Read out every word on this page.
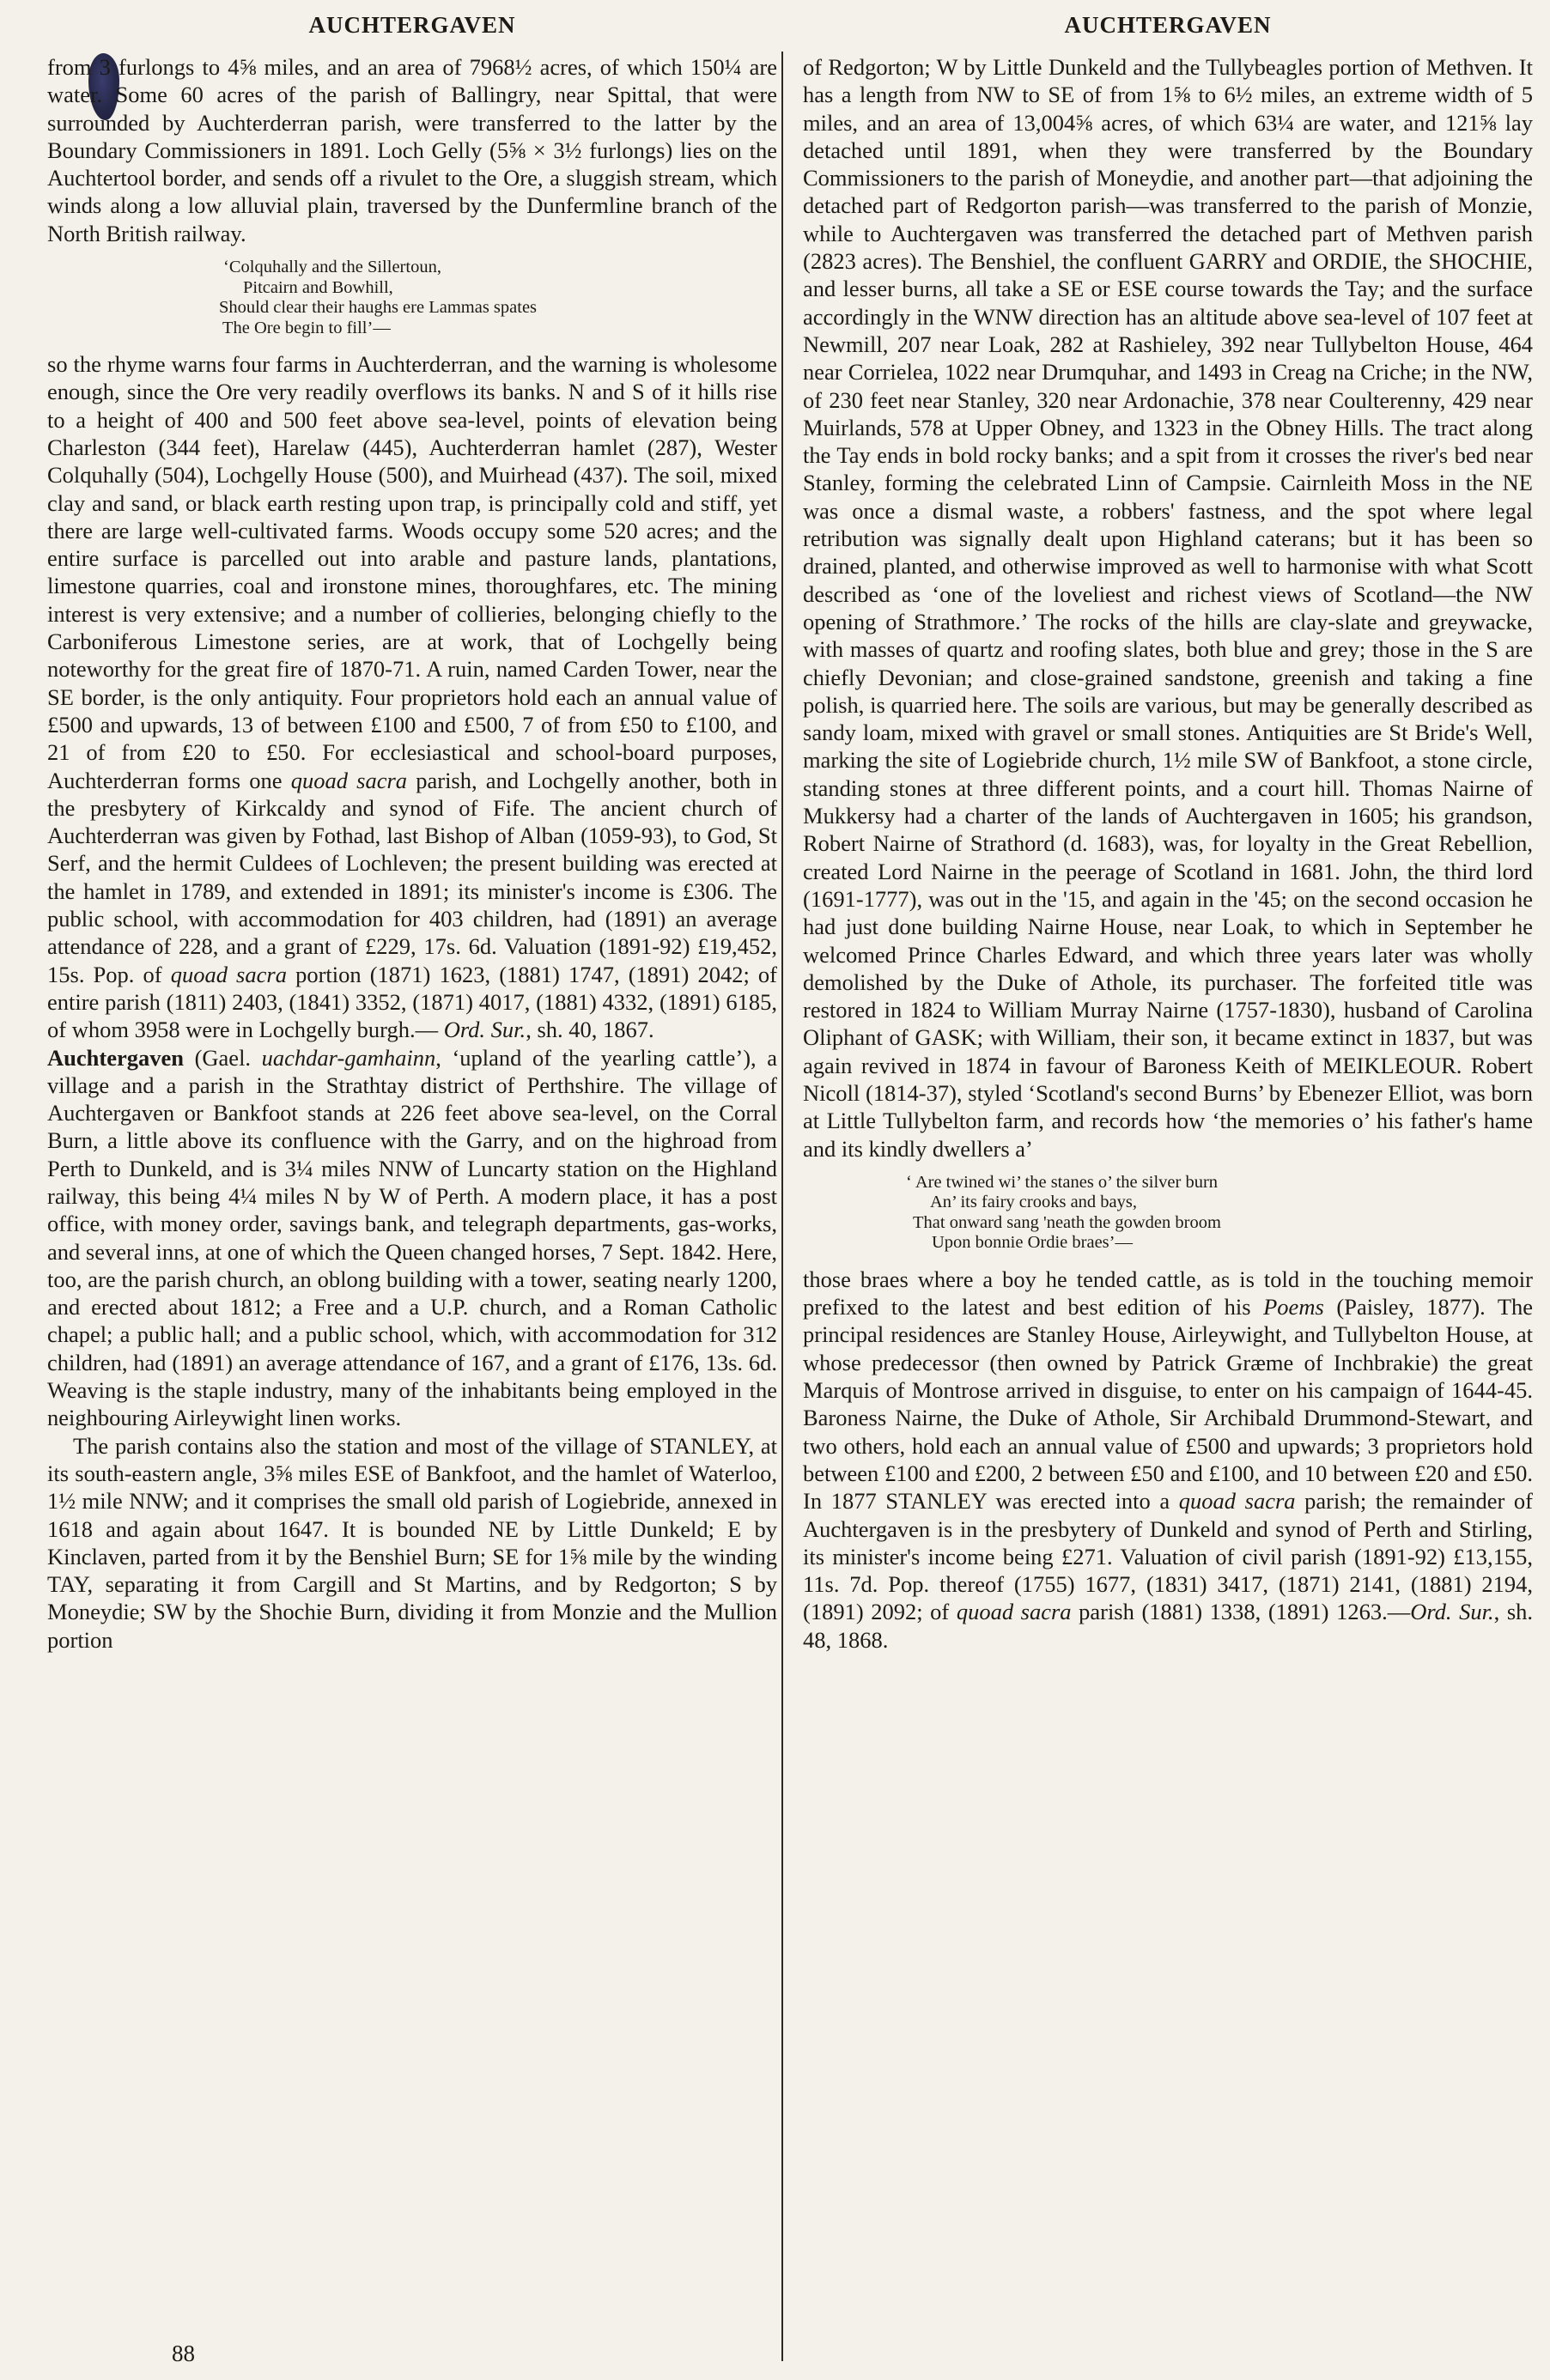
AUCHTERGAVEN	AUCHTERGAVEN

from 3 furlongs to 4⅝ miles, and an area of 7968½ acres, of which 150¼ are water. Some 60 acres of the parish of Ballingry, near Spittal, that were surrounded by Auchterderran parish, were transferred to the latter by the Boundary Commissioners in 1891. Loch Gelly (5⅝ × 3½ furlongs) lies on the Auchtertool border, and sends off a rivulet to the Ore, a sluggish stream, which winds along a low alluvial plain, traversed by the Dunfermline branch of the North British railway.

‘Colquhally and the Sillertoun,
Pitcairn and Bowhill,
Should clear their haughs ere Lammas spates
The Ore begin to fill’—

so the rhyme warns four farms in Auchterderran, and the warning is wholesome enough, since the Ore very readily overflows its banks. N and S of it hills rise to a height of 400 and 500 feet above sea-level, points of elevation being Charleston (344 feet), Harelaw (445), Auchterderran hamlet (287), Wester Colquhally (504), Lochgelly House (500), and Muirhead (437). The soil, mixed clay and sand, or black earth resting upon trap, is principally cold and stiff, yet there are large well-cultivated farms. Woods occupy some 520 acres; and the entire surface is parcelled out into arable and pasture lands, plantations, limestone quarries, coal and ironstone mines, thoroughfares, etc. The mining interest is very extensive; and a number of collieries, belonging chiefly to the Carboniferous Limestone series, are at work, that of Lochgelly being noteworthy for the great fire of 1870-71. A ruin, named Carden Tower, near the SE border, is the only antiquity. Four proprietors hold each an annual value of £500 and upwards, 13 of between £100 and £500, 7 of from £50 to £100, and 21 of from £20 to £50. For ecclesiastical and school-board purposes, Auchterderran forms one quoad sacra parish, and Lochgelly another, both in the presbytery of Kirkcaldy and synod of Fife. The ancient church of Auchterderran was given by Fothad, last Bishop of Alban (1059-93), to God, St Serf, and the hermit Culdees of Lochleven; the present building was erected at the hamlet in 1789, and extended in 1891; its minister's income is £306. The public school, with accommodation for 403 children, had (1891) an average attendance of 228, and a grant of £229, 17s. 6d. Valuation (1891-92) £19,452, 15s. Pop. of quoad sacra portion (1871) 1623, (1881) 1747, (1891) 2042; of entire parish (1811) 2403, (1841) 3352, (1871) 4017, (1881) 4332, (1891) 6185, of whom 3958 were in Lochgelly burgh.— Ord. Sur., sh. 40, 1867.

Auchtergaven (Gael. uachdar-gamhainn, ‘upland of the yearling cattle’), a village and a parish in the Strathtay district of Perthshire. The village of Auchtergaven or Bankfoot stands at 226 feet above sea-level, on the Corral Burn, a little above its confluence with the Garry, and on the highroad from Perth to Dunkeld, and is 3¼ miles NNW of Luncarty station on the Highland railway, this being 4¼ miles N by W of Perth. A modern place, it has a post office, with money order, savings bank, and telegraph departments, gas-works, and several inns, at one of which the Queen changed horses, 7 Sept. 1842. Here, too, are the parish church, an oblong building with a tower, seating nearly 1200, and erected about 1812; a Free and a U.P. church, and a Roman Catholic chapel; a public hall; and a public school, which, with accommodation for 312 children, had (1891) an average attendance of 167, and a grant of £176, 13s. 6d. Weaving is the staple industry, many of the inhabitants being employed in the neighbouring Airleywight linen works.

The parish contains also the station and most of the village of STANLEY, at its south-eastern angle, 3⅝ miles ESE of Bankfoot, and the hamlet of Waterloo, 1½ mile NNW; and it comprises the small old parish of Logiebride, annexed in 1618 and again about 1647. It is bounded NE by Little Dunkeld; E by Kinclaven, parted from it by the Benshiel Burn; SE for 1⅝ mile by the winding TAY, separating it from Cargill and St Martins, and by Redgorton; S by Moneydie; SW by the Shochie Burn, dividing it from Monzie and the Mullion portion

of Redgorton; W by Little Dunkeld and the Tullybeagles portion of Methven. It has a length from NW to SE of from 1⅝ to 6½ miles, an extreme width of 5 miles, and an area of 13,004⅝ acres, of which 63¼ are water, and 121⅝ lay detached until 1891, when they were transferred by the Boundary Commissioners to the parish of Moneydie, and another part—that adjoining the detached part of Redgorton parish—was transferred to the parish of Monzie, while to Auchtergaven was transferred the detached part of Methven parish (2823 acres). The Benshiel, the confluent GARRY and ORDIE, the SHOCHIE, and lesser burns, all take a SE or ESE course towards the Tay; and the surface accordingly in the WNW direction has an altitude above sea-level of 107 feet at Newmill, 207 near Loak, 282 at Rashieley, 392 near Tullybelton House, 464 near Corrielea, 1022 near Drumquhar, and 1493 in Creag na Criche; in the NW, of 230 feet near Stanley, 320 near Ardonachie, 378 near Coulterenny, 429 near Muirlands, 578 at Upper Obney, and 1323 in the Obney Hills. The tract along the Tay ends in bold rocky banks; and a spit from it crosses the river's bed near Stanley, forming the celebrated Linn of Campsie. Cairnleith Moss in the NE was once a dismal waste, a robbers' fastness, and the spot where legal retribution was signally dealt upon Highland caterans; but it has been so drained, planted, and otherwise improved as well to harmonise with what Scott described as ‘one of the loveliest and richest views of Scotland—the NW opening of Strathmore.’ The rocks of the hills are clay-slate and greywacke, with masses of quartz and roofing slates, both blue and grey; those in the S are chiefly Devonian; and close-grained sandstone, greenish and taking a fine polish, is quarried here. The soils are various, but may be generally described as sandy loam, mixed with gravel or small stones. Antiquities are St Bride's Well, marking the site of Logiebride church, 1½ mile SW of Bankfoot, a stone circle, standing stones at three different points, and a court hill. Thomas Nairne of Mukkersy had a charter of the lands of Auchtergaven in 1605; his grandson, Robert Nairne of Strathord (d. 1683), was, for loyalty in the Great Rebellion, created Lord Nairne in the peerage of Scotland in 1681. John, the third lord (1691-1777), was out in the '15, and again in the '45; on the second occasion he had just done building Nairne House, near Loak, to which in September he welcomed Prince Charles Edward, and which three years later was wholly demolished by the Duke of Athole, its purchaser. The forfeited title was restored in 1824 to William Murray Nairne (1757-1830), husband of Carolina Oliphant of GASK; with William, their son, it became extinct in 1837, but was again revived in 1874 in favour of Baroness Keith of MEIKLEOUR. Robert Nicoll (1814-37), styled ‘Scotland's second Burns’ by Ebenezer Elliot, was born at Little Tullybelton farm, and records how ‘the memories o’ his father's hame and its kindly dwellers a’

‘ Are twined wi’ the stanes o’ the silver burn
An’ its fairy crooks and bays,
That onward sang 'neath the gowden broom
Upon bonnie Ordie braes’—

those braes where a boy he tended cattle, as is told in the touching memoir prefixed to the latest and best edition of his Poems (Paisley, 1877). The principal residences are Stanley House, Airleywight, and Tullybelton House, at whose predecessor (then owned by Patrick Græme of Inchbrakie) the great Marquis of Montrose arrived in disguise, to enter on his campaign of 1644-45. Baroness Nairne, the Duke of Athole, Sir Archibald Drummond-Stewart, and two others, hold each an annual value of £500 and upwards; 3 proprietors hold between £100 and £200, 2 between £50 and £100, and 10 between £20 and £50. In 1877 STANLEY was erected into a quoad sacra parish; the remainder of Auchtergaven is in the presbytery of Dunkeld and synod of Perth and Stirling, its minister's income being £271. Valuation of civil parish (1891-92) £13,155, 11s. 7d. Pop. thereof (1755) 1677, (1831) 3417, (1871) 2141, (1881) 2194, (1891) 2092; of quoad sacra parish (1881) 1338, (1891) 1263.—Ord. Sur., sh. 48, 1868.

88
